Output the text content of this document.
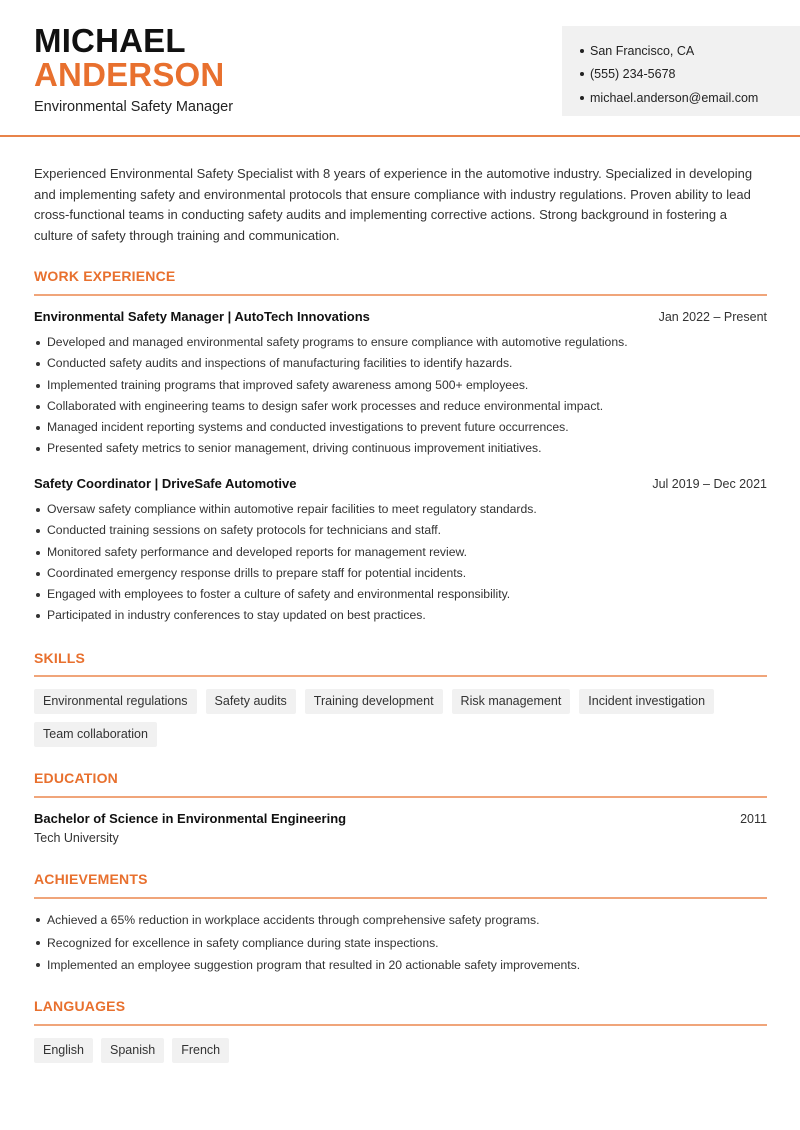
MICHAEL
ANDERSON
Environmental Safety Manager
San Francisco, CA
(555) 234-5678
michael.anderson@email.com

Experienced Environmental Safety Specialist with 8 years of experience in the automotive industry. Specialized in developing and implementing safety and environmental protocols that ensure compliance with industry regulations. Proven ability to lead cross-functional teams in conducting safety audits and implementing corrective actions. Strong background in fostering a culture of safety through training and communication.

WORK EXPERIENCE
Environmental Safety Manager | AutoTech Innovations	Jan 2022 – Present
Developed and managed environmental safety programs to ensure compliance with automotive regulations.
Conducted safety audits and inspections of manufacturing facilities to identify hazards.
Implemented training programs that improved safety awareness among 500+ employees.
Collaborated with engineering teams to design safer work processes and reduce environmental impact.
Managed incident reporting systems and conducted investigations to prevent future occurrences.
Presented safety metrics to senior management, driving continuous improvement initiatives.
Safety Coordinator | DriveSafe Automotive	Jul 2019 – Dec 2021
Oversaw safety compliance within automotive repair facilities to meet regulatory standards.
Conducted training sessions on safety protocols for technicians and staff.
Monitored safety performance and developed reports for management review.
Coordinated emergency response drills to prepare staff for potential incidents.
Engaged with employees to foster a culture of safety and environmental responsibility.
Participated in industry conferences to stay updated on best practices.
SKILLS
Environmental regulations	Safety audits	Training development	Risk management	Incident investigation
Team collaboration
EDUCATION
Bachelor of Science in Environmental Engineering	2011
Tech University
ACHIEVEMENTS
Achieved a 65% reduction in workplace accidents through comprehensive safety programs.
Recognized for excellence in safety compliance during state inspections.
Implemented an employee suggestion program that resulted in 20 actionable safety improvements.
LANGUAGES
English	Spanish	French
